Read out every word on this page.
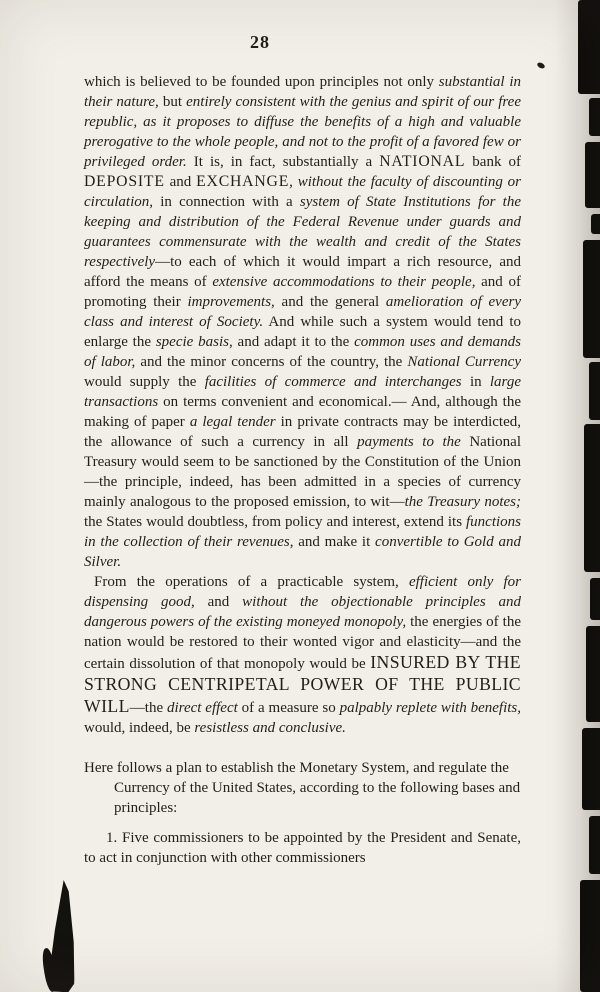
28

which is believed to be founded upon principles not only substantial in their nature, but entirely consistent with the genius and spirit of our free republic, as it proposes to diffuse the benefits of a high and valuable prerogative to the whole people, and not to the profit of a favored few or privileged order. It is, in fact, substantially a NATIONAL bank of DEPOSITE and EXCHANGE, without the faculty of discounting or circulation, in connection with a system of State Institutions for the keeping and distribution of the Federal Revenue under guards and guarantees commensurate with the wealth and credit of the States respectively—to each of which it would impart a rich resource, and afford the means of extensive accommodations to their people, and of promoting their improvements, and the general amelioration of every class and interest of Society. And while such a system would tend to enlarge the specie basis, and adapt it to the common uses and demands of labor, and the minor concerns of the country, the National Currency would supply the facilities of commerce and interchanges in large transactions on terms convenient and economical.— And, although the making of paper a legal tender in private contracts may be interdicted, the allowance of such a currency in all payments to the National Treasury would seem to be sanctioned by the Constitution of the Union—the principle, indeed, has been admitted in a species of currency mainly analogous to the proposed emission, to wit—the Treasury notes; the States would doubtless, from policy and interest, extend its functions in the collection of their revenues, and make it convertible to Gold and Silver.

From the operations of a practicable system, efficient only for dispensing good, and without the objectionable principles and dangerous powers of the existing moneyed monopoly, the energies of the nation would be restored to their wonted vigor and elasticity—and the certain dissolution of that monopoly would be INSURED BY THE STRONG CENTRIPETAL POWER OF THE PUBLIC WILL—the direct effect of a measure so palpably replete with benefits, would, indeed, be resistless and conclusive.

Here follows a plan to establish the Monetary System, and regulate the Currency of the United States, according to the following bases and principles:

1. Five commissioners to be appointed by the President and Senate, to act in conjunction with other commissioners
